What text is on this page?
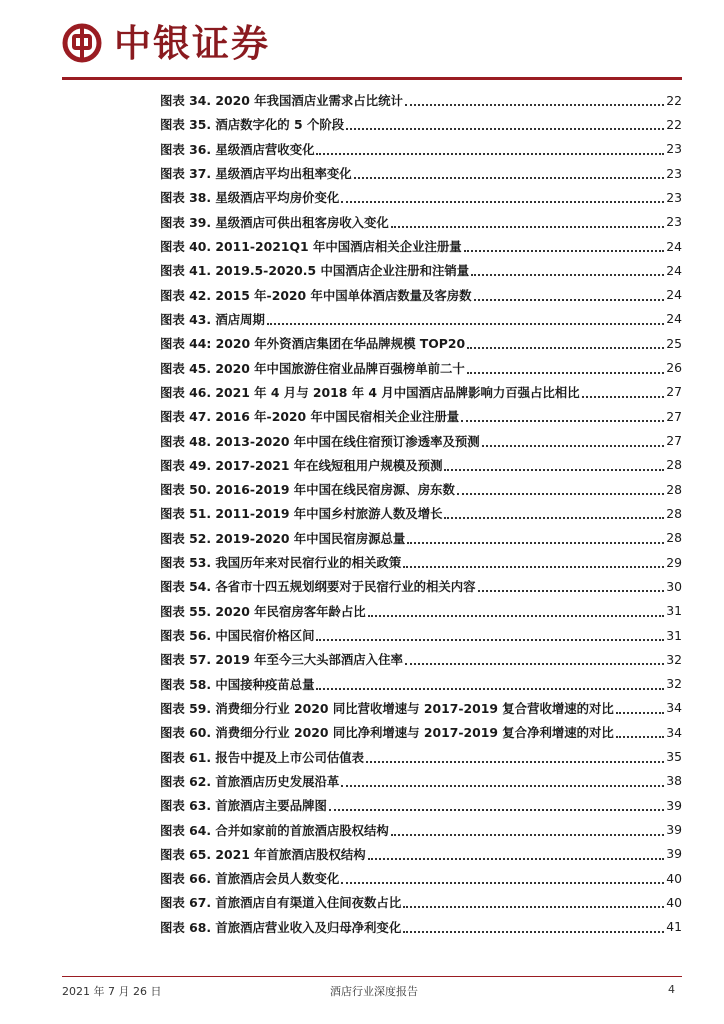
中银证券
图表 34. 2020 年我国酒店业需求占比统计	22
图表 35. 酒店数字化的 5 个阶段	22
图表 36. 星级酒店营收变化	23
图表 37. 星级酒店平均出租率变化	23
图表 38. 星级酒店平均房价变化	23
图表 39. 星级酒店可供出租客房收入变化	23
图表 40. 2011-2021Q1 年中国酒店相关企业注册量	24
图表 41. 2019.5-2020.5 中国酒店企业注册和注销量	24
图表 42. 2015 年-2020 年中国单体酒店数量及客房数	24
图表 43. 酒店周期	24
图表 44: 2020 年外资酒店集团在华品牌规模 TOP20	25
图表 45. 2020 年中国旅游住宿业品牌百强榜单前二十	26
图表 46. 2021 年 4 月与 2018 年 4 月中国酒店品牌影响力百强占比相比	27
图表 47. 2016 年-2020 年中国民宿相关企业注册量	27
图表 48. 2013-2020 年中国在线住宿预订渗透率及预测	27
图表 49. 2017-2021 年在线短租用户规模及预测	28
图表 50. 2016-2019 年中国在线民宿房源、房东数	28
图表 51. 2011-2019 年中国乡村旅游人数及增长	28
图表 52. 2019-2020 年中国民宿房源总量	28
图表 53. 我国历年来对民宿行业的相关政策	29
图表 54. 各省市十四五规划纲要对于民宿行业的相关内容	30
图表 55. 2020 年民宿房客年龄占比	31
图表 56. 中国民宿价格区间	31
图表 57. 2019 年至今三大头部酒店入住率	32
图表 58. 中国接种疫苗总量	32
图表 59. 消费细分行业 2020 同比营收增速与 2017-2019 复合营收增速的对比	34
图表 60. 消费细分行业 2020 同比净利增速与 2017-2019 复合净利增速的对比	34
图表 61. 报告中提及上市公司估值表	35
图表 62. 首旅酒店历史发展沿革	38
图表 63. 首旅酒店主要品牌图	39
图表 64. 合并如家前的首旅酒店股权结构	39
图表 65. 2021 年首旅酒店股权结构	39
图表 66. 首旅酒店会员人数变化	40
图表 67. 首旅酒店自有渠道入住间夜数占比	40
图表 68. 首旅酒店营业收入及归母净利变化	41
2021 年 7 月 26 日	酒店行业深度报告	4
